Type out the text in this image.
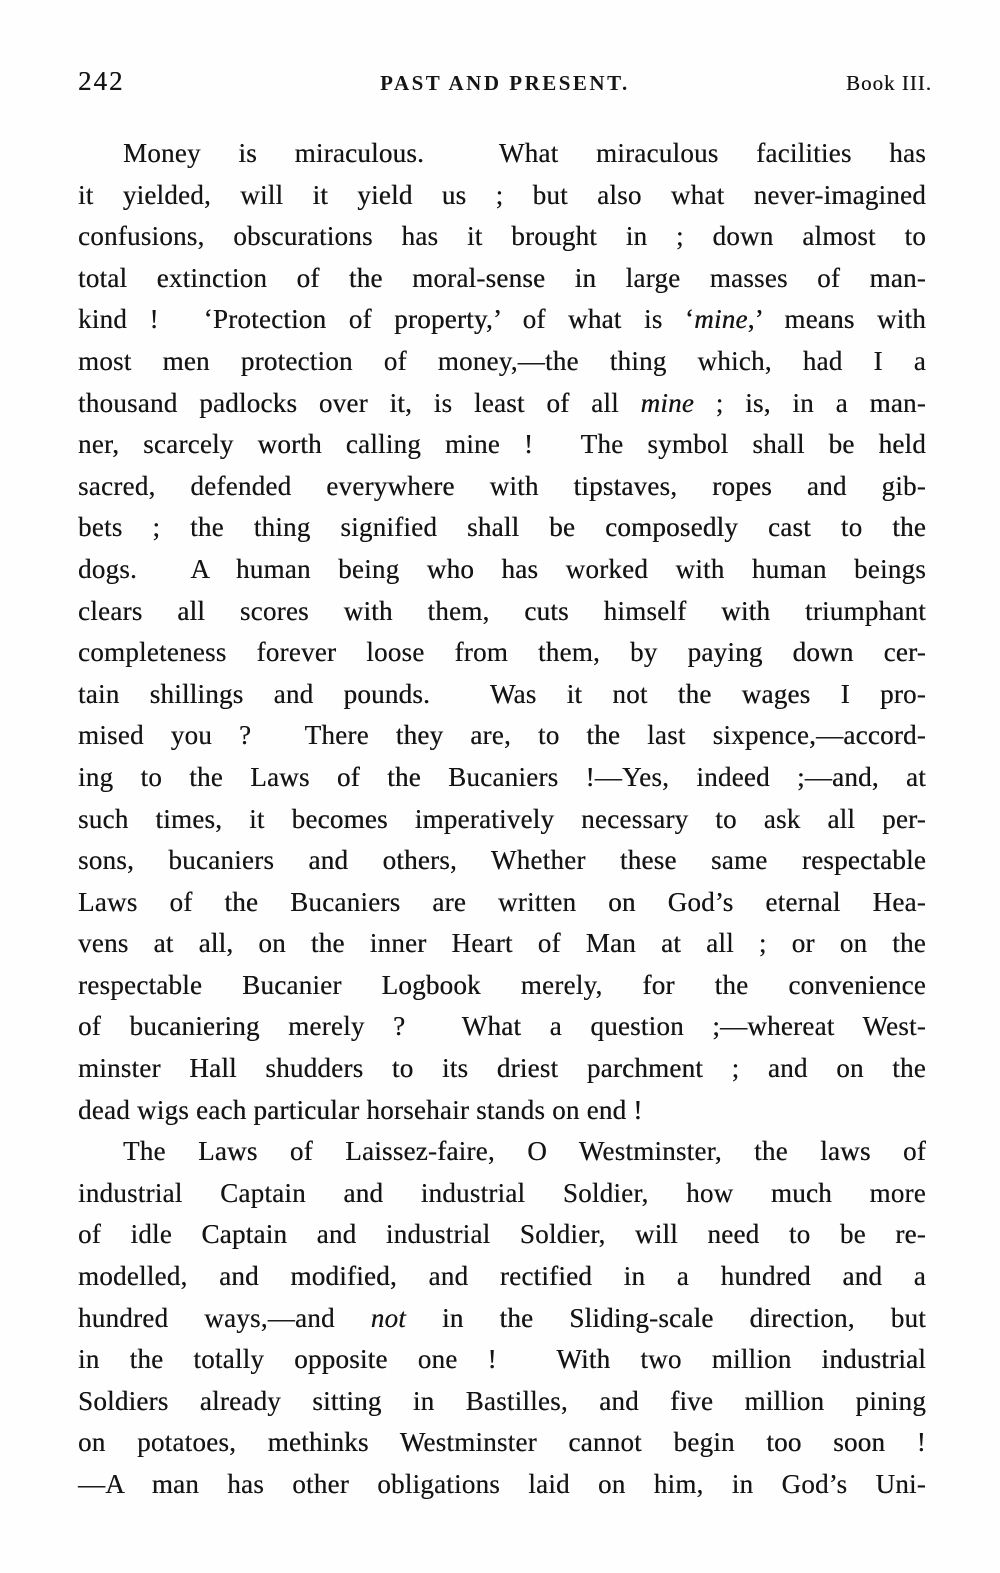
242	PAST AND PRESENT.	Book III.
Money is miraculous.  What miraculous facilities has
it yielded, will it yield us ; but also what never-imagined
confusions, obscurations has it brought in ; down almost to
total extinction of the moral-sense in large masses of man-
kind !  ‘Protection of property,’ of what is ‘mine,’ means with
most men protection of money,—the thing which, had I a
thousand padlocks over it, is least of all mine ; is, in a man-
ner, scarcely worth calling mine !  The symbol shall be held
sacred, defended everywhere with tipstaves, ropes and gib-
bets ; the thing signified shall be composedly cast to the
dogs.  A human being who has worked with human beings
clears all scores with them, cuts himself with triumphant
completeness forever loose from them, by paying down cer-
tain shillings and pounds.  Was it not the wages I pro-
mised you ?  There they are, to the last sixpence,—accord-
ing to the Laws of the Bucaniers !—Yes, indeed ;—and, at
such times, it becomes imperatively necessary to ask all per-
sons, bucaniers and others, Whether these same respectable
Laws of the Bucaniers are written on God’s eternal Hea-
vens at all, on the inner Heart of Man at all ; or on the
respectable Bucanier Logbook merely, for the convenience
of bucaniering merely ?  What a question ;—whereat West-
minster Hall shudders to its driest parchment ; and on the
dead wigs each particular horsehair stands on end !
The Laws of Laissez-faire, O Westminster, the laws of
industrial Captain and industrial Soldier, how much more
of idle Captain and industrial Soldier, will need to be re-
modelled, and modified, and rectified in a hundred and a
hundred ways,—and not in the Sliding-scale direction, but
in the totally opposite one !  With two million industrial
Soldiers already sitting in Bastilles, and five million pining
on potatoes, methinks Westminster cannot begin too soon !
—A man has other obligations laid on him, in God’s Uni-
